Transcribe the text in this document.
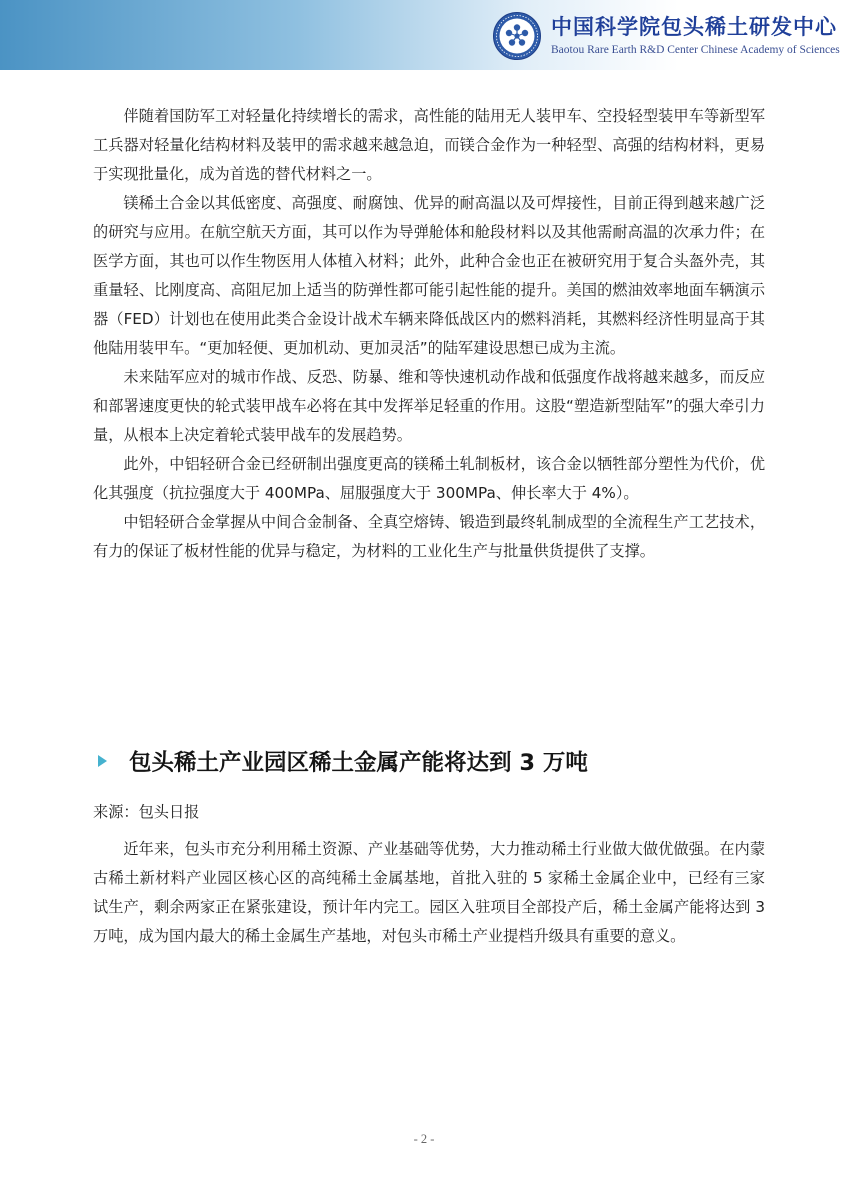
中国科学院包头稀土研发中心
Baotou Rare Earth R&D Center Chinese Academy of Sciences

伴随着国防军工对轻量化持续增长的需求，高性能的陆用无人装甲车、空投轻型装甲车等新型军工兵器对轻量化结构材料及装甲的需求越来越急迫，而镁合金作为一种轻型、高强的结构材料，更易于实现批量化，成为首选的替代材料之一。

镁稀土合金以其低密度、高强度、耐腐蚀、优异的耐高温以及可焊接性，目前正得到越来越广泛的研究与应用。在航空航天方面，其可以作为导弹舱体和舱段材料以及其他需耐高温的次承力件；在医学方面，其也可以作生物医用人体植入材料；此外，此种合金也正在被研究用于复合头盔外壳，其重量轻、比刚度高、高阻尼加上适当的防弹性都可能引起性能的提升。美国的燃油效率地面车辆演示器（FED）计划也在使用此类合金设计战术车辆来降低战区内的燃料消耗，其燃料经济性明显高于其他陆用装甲车。“更加轻便、更加机动、更加灵活”的陆军建设思想已成为主流。

未来陆军应对的城市作战、反恐、防暴、维和等快速机动作战和低强度作战将越来越多，而反应和部署速度更快的轮式装甲战车必将在其中发挥举足轻重的作用。这股“塑造新型陆军”的强大牵引力量，从根本上决定着轮式装甲战车的发展趋势。

此外，中铝轻研合金已经研制出强度更高的镁稀土轧制板材，该合金以牺牲部分塑性为代价，优化其强度（抗拉强度大于 400MPa、屈服强度大于 300MPa、伸长率大于 4%）。

中铝轻研合金掌握从中间合金制备、全真空熔铸、锻造到最终轧制成型的全流程生产工艺技术，有力的保证了板材性能的优异与稳定，为材料的工业化生产与批量供货提供了支撑。

包头稀土产业园区稀土金属产能将达到 3 万吨
来源：包头日报

近年来，包头市充分利用稀土资源、产业基础等优势，大力推动稀土行业做大做优做强。在内蒙古稀土新材料产业园区核心区的高纯稀土金属基地，首批入驻的 5 家稀土金属企业中，已经有三家试生产，剩余两家正在紧张建设，预计年内完工。园区入驻项目全部投产后，稀土金属产能将达到 3 万吨，成为国内最大的稀土金属生产基地，对包头市稀土产业提档升级具有重要的意义。

- 2 -
